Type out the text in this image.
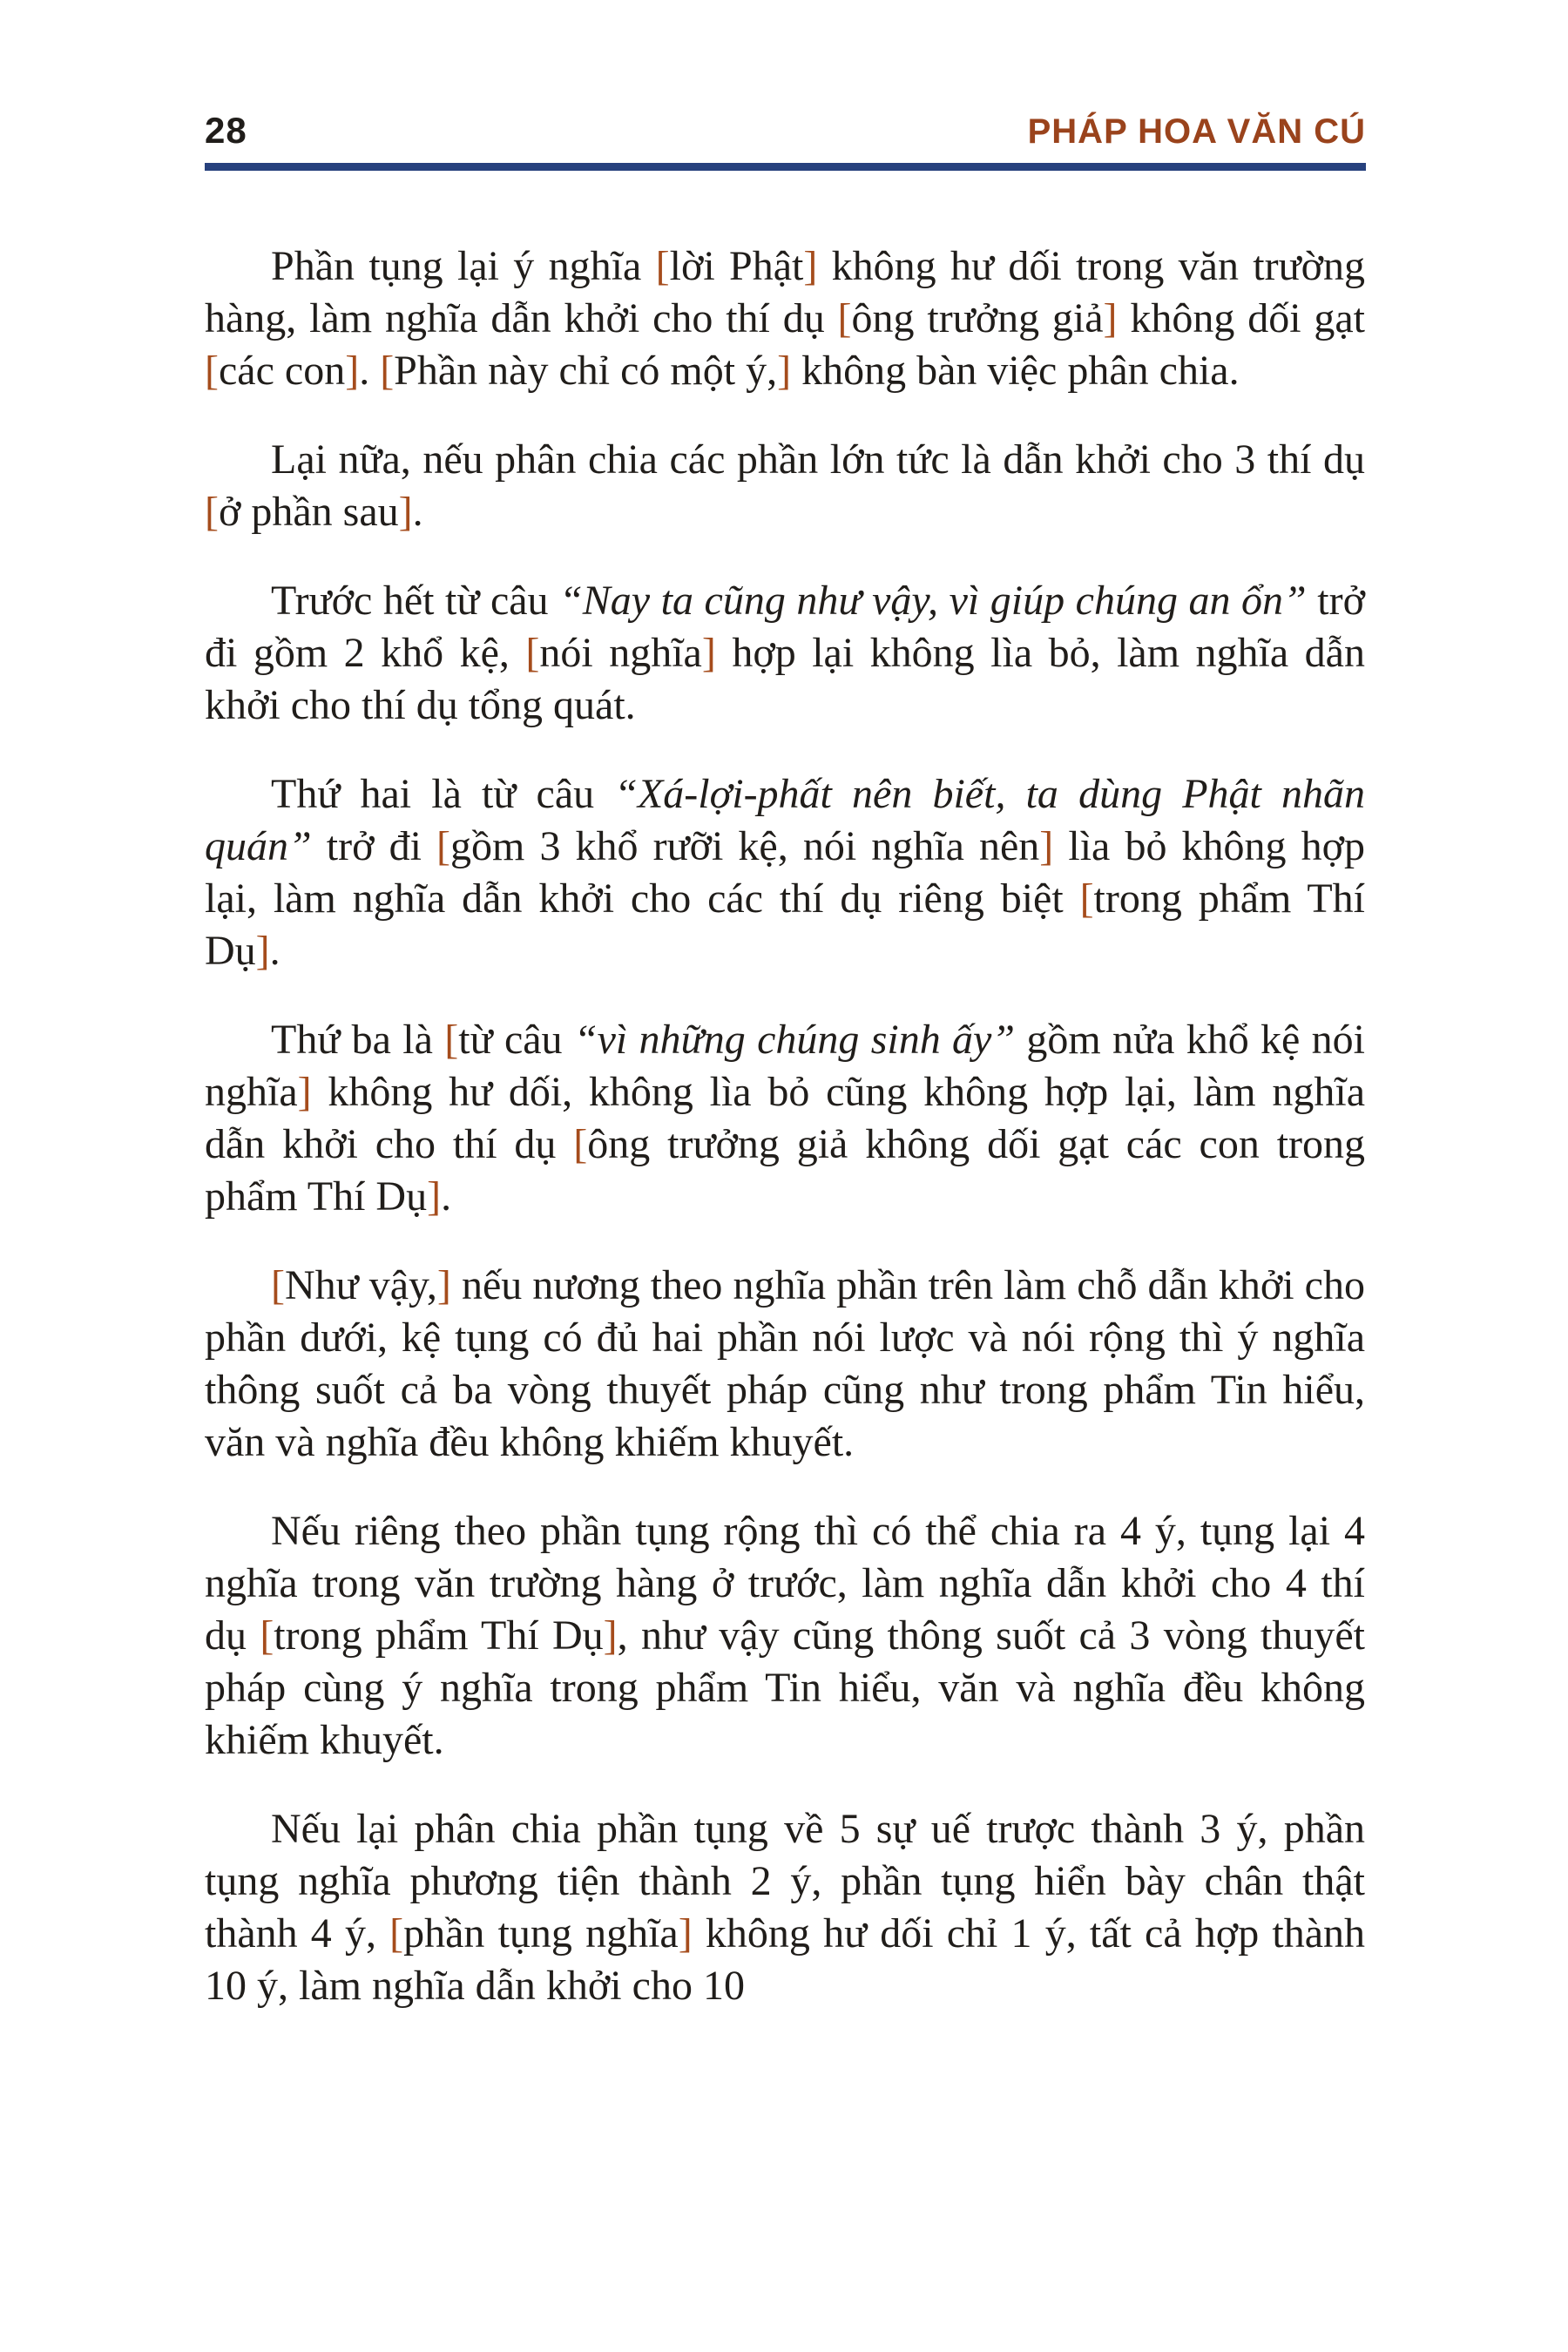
28	PHÁP HOA VĂN CÚ

Phần tụng lại ý nghĩa [lời Phật] không hư dối trong văn trường hàng, làm nghĩa dẫn khởi cho thí dụ [ông trưởng giả] không dối gạt [các con]. [Phần này chỉ có một ý,] không bàn việc phân chia.

Lại nữa, nếu phân chia các phần lớn tức là dẫn khởi cho 3 thí dụ [ở phần sau].

Trước hết từ câu “Nay ta cũng như vậy, vì giúp chúng an ổn” trở đi gồm 2 khổ kệ, [nói nghĩa] hợp lại không lìa bỏ, làm nghĩa dẫn khởi cho thí dụ tổng quát.

Thứ hai là từ câu “Xá-lợi-phất nên biết, ta dùng Phật nhãn quán” trở đi [gồm 3 khổ rưỡi kệ, nói nghĩa nên] lìa bỏ không hợp lại, làm nghĩa dẫn khởi cho các thí dụ riêng biệt [trong phẩm Thí Dụ].

Thứ ba là [từ câu “vì những chúng sinh ấy” gồm nửa khổ kệ nói nghĩa] không hư dối, không lìa bỏ cũng không hợp lại, làm nghĩa dẫn khởi cho thí dụ [ông trưởng giả không dối gạt các con trong phẩm Thí Dụ].

[Như vậy,] nếu nương theo nghĩa phần trên làm chỗ dẫn khởi cho phần dưới, kệ tụng có đủ hai phần nói lược và nói rộng thì ý nghĩa thông suốt cả ba vòng thuyết pháp cũng như trong phẩm Tin hiểu, văn và nghĩa đều không khiếm khuyết.

Nếu riêng theo phần tụng rộng thì có thể chia ra 4 ý, tụng lại 4 nghĩa trong văn trường hàng ở trước, làm nghĩa dẫn khởi cho 4 thí dụ [trong phẩm Thí Dụ], như vậy cũng thông suốt cả 3 vòng thuyết pháp cùng ý nghĩa trong phẩm Tin hiểu, văn và nghĩa đều không khiếm khuyết.

Nếu lại phân chia phần tụng về 5 sự uế trược thành 3 ý, phần tụng nghĩa phương tiện thành 2 ý, phần tụng hiển bày chân thật thành 4 ý, [phần tụng nghĩa] không hư dối chỉ 1 ý, tất cả hợp thành 10 ý, làm nghĩa dẫn khởi cho 10
